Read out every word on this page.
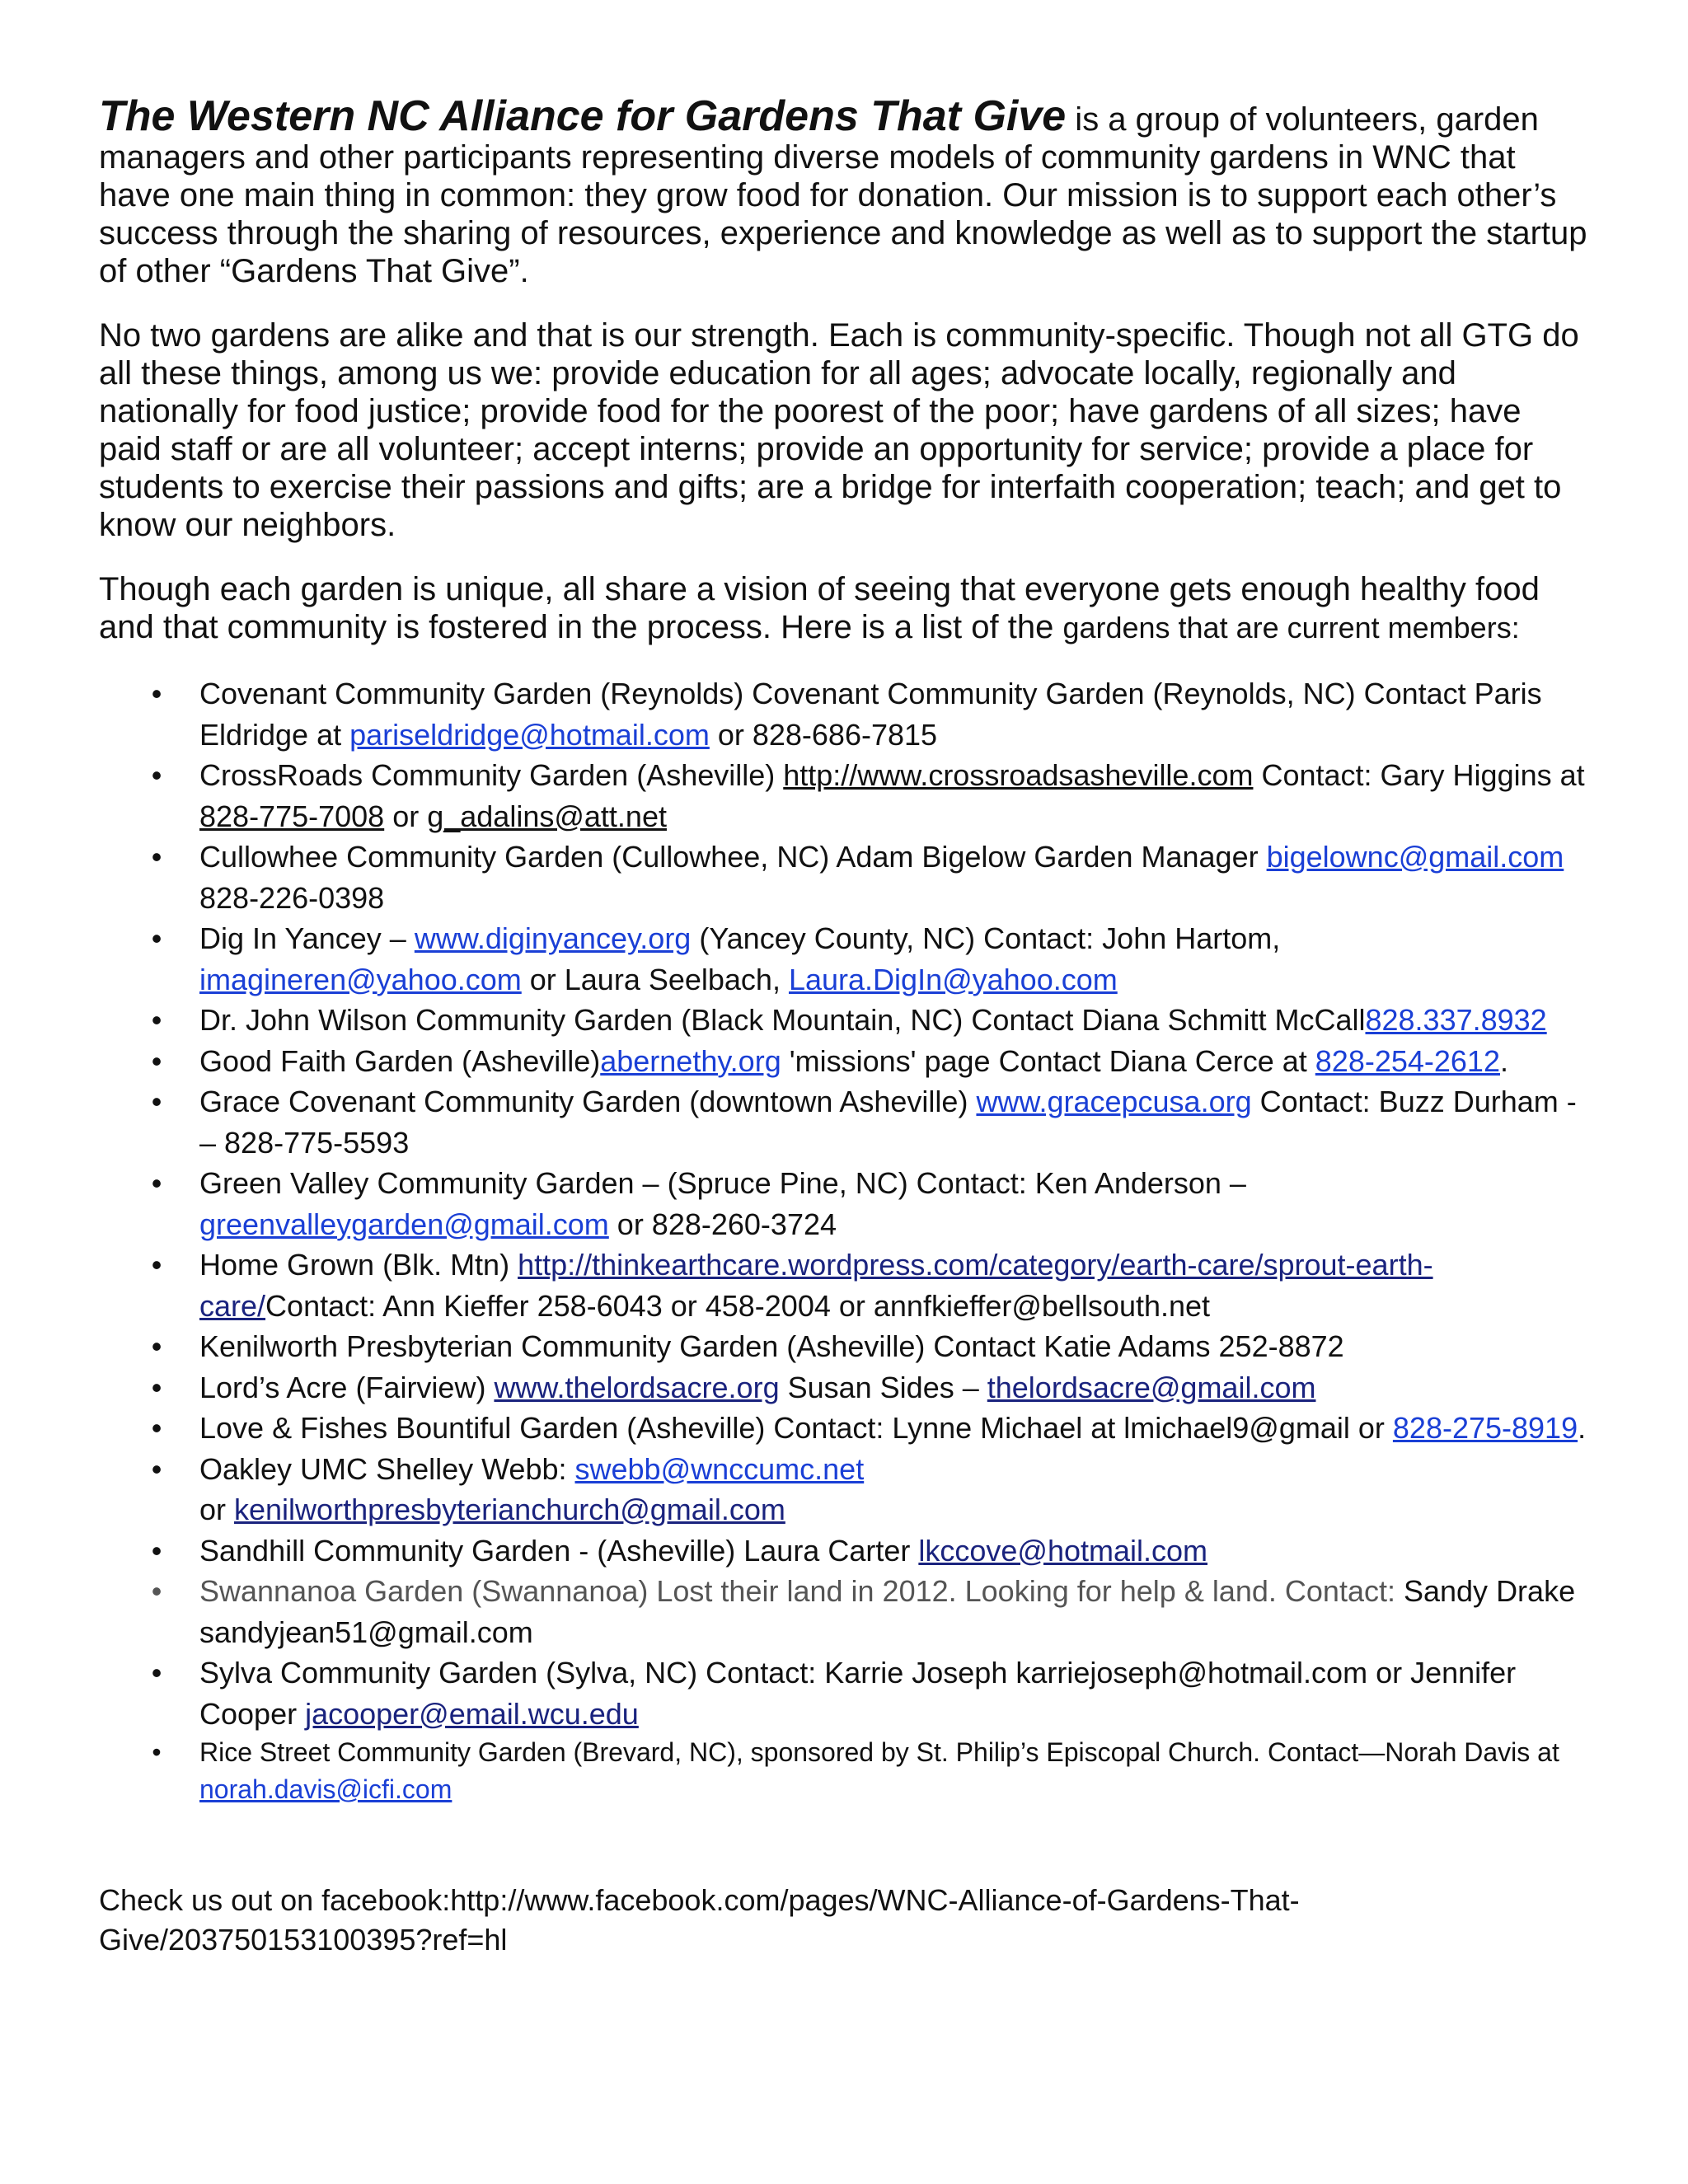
The Western NC Alliance for Gardens That Give is a group of volunteers, garden managers and other participants representing diverse models of community gardens in WNC that have one main thing in common: they grow food for donation. Our mission is to support each other’s success through the sharing of resources, experience and knowledge as well as to support the startup of other “Gardens That Give”.

No two gardens are alike and that is our strength. Each is community-specific. Though not all GTG do all these things, among us we: provide education for all ages; advocate locally, regionally and nationally for food justice; provide food for the poorest of the poor; have gardens of all sizes; have paid staff or are all volunteer; accept interns; provide an opportunity for service; provide a place for students to exercise their passions and gifts; are a bridge for interfaith cooperation; teach; and get to know our neighbors.

Though each garden is unique, all share a vision of seeing that everyone gets enough healthy food and that community is fostered in the process. Here is a list of the gardens that are current members:

• Covenant Community Garden (Reynolds) Covenant Community Garden (Reynolds, NC) Contact Paris Eldridge at pariseldridge@hotmail.com or 828-686-7815
• CrossRoads Community Garden (Asheville) http://www.crossroadsasheville.com Contact: Gary Higgins at 828-775-7008 or g_adalins@att.net
• Cullowhee Community Garden (Cullowhee, NC) Adam Bigelow Garden Manager bigelownc@gmail.com 828-226-0398
• Dig In Yancey – www.diginyancey.org (Yancey County, NC) Contact: John Hartom, imagineren@yahoo.com or Laura Seelbach, Laura.DigIn@yahoo.com
• Dr. John Wilson Community Garden (Black Mountain, NC) Contact Diana Schmitt McCall828.337.8932
• Good Faith Garden (Asheville)abernethy.org 'missions' page Contact Diana Cerce at 828-254-2612.
• Grace Covenant Community Garden (downtown Asheville) www.gracepcusa.org Contact: Buzz Durham - – 828-775-5593
• Green Valley Community Garden – (Spruce Pine, NC) Contact: Ken Anderson – greenvalleygarden@gmail.com or 828-260-3724
• Home Grown (Blk. Mtn) http://thinkearthcare.wordpress.com/category/earth-care/sprout-earth-care/Contact: Ann Kieffer 258-6043 or 458-2004 or annfkieffer@bellsouth.net
• Kenilworth Presbyterian Community Garden (Asheville) Contact Katie Adams 252-8872
• Lord’s Acre (Fairview) www.thelordsacre.org Susan Sides – thelordsacre@gmail.com
• Love & Fishes Bountiful Garden (Asheville) Contact: Lynne Michael at lmichael9@gmail or 828-275-8919.
• Oakley UMC Shelley Webb: swebb@wnccumc.net
or kenilworthpresbyterianchurch@gmail.com
• Sandhill Community Garden - (Asheville) Laura Carter lkccove@hotmail.com
• Swannanoa Garden (Swannanoa) Lost their land in 2012. Looking for help & land. Contact: Sandy Drake sandyjean51@gmail.com
• Sylva Community Garden (Sylva, NC) Contact: Karrie Joseph karriejoseph@hotmail.com or Jennifer Cooper jacooper@email.wcu.edu
• Rice Street Community Garden (Brevard, NC), sponsored by St. Philip’s Episcopal Church. Contact—Norah Davis at norah.davis@icfi.com

Check us out on facebook:http://www.facebook.com/pages/WNC-Alliance-of-Gardens-That-Give/203750153100395?ref=hl
